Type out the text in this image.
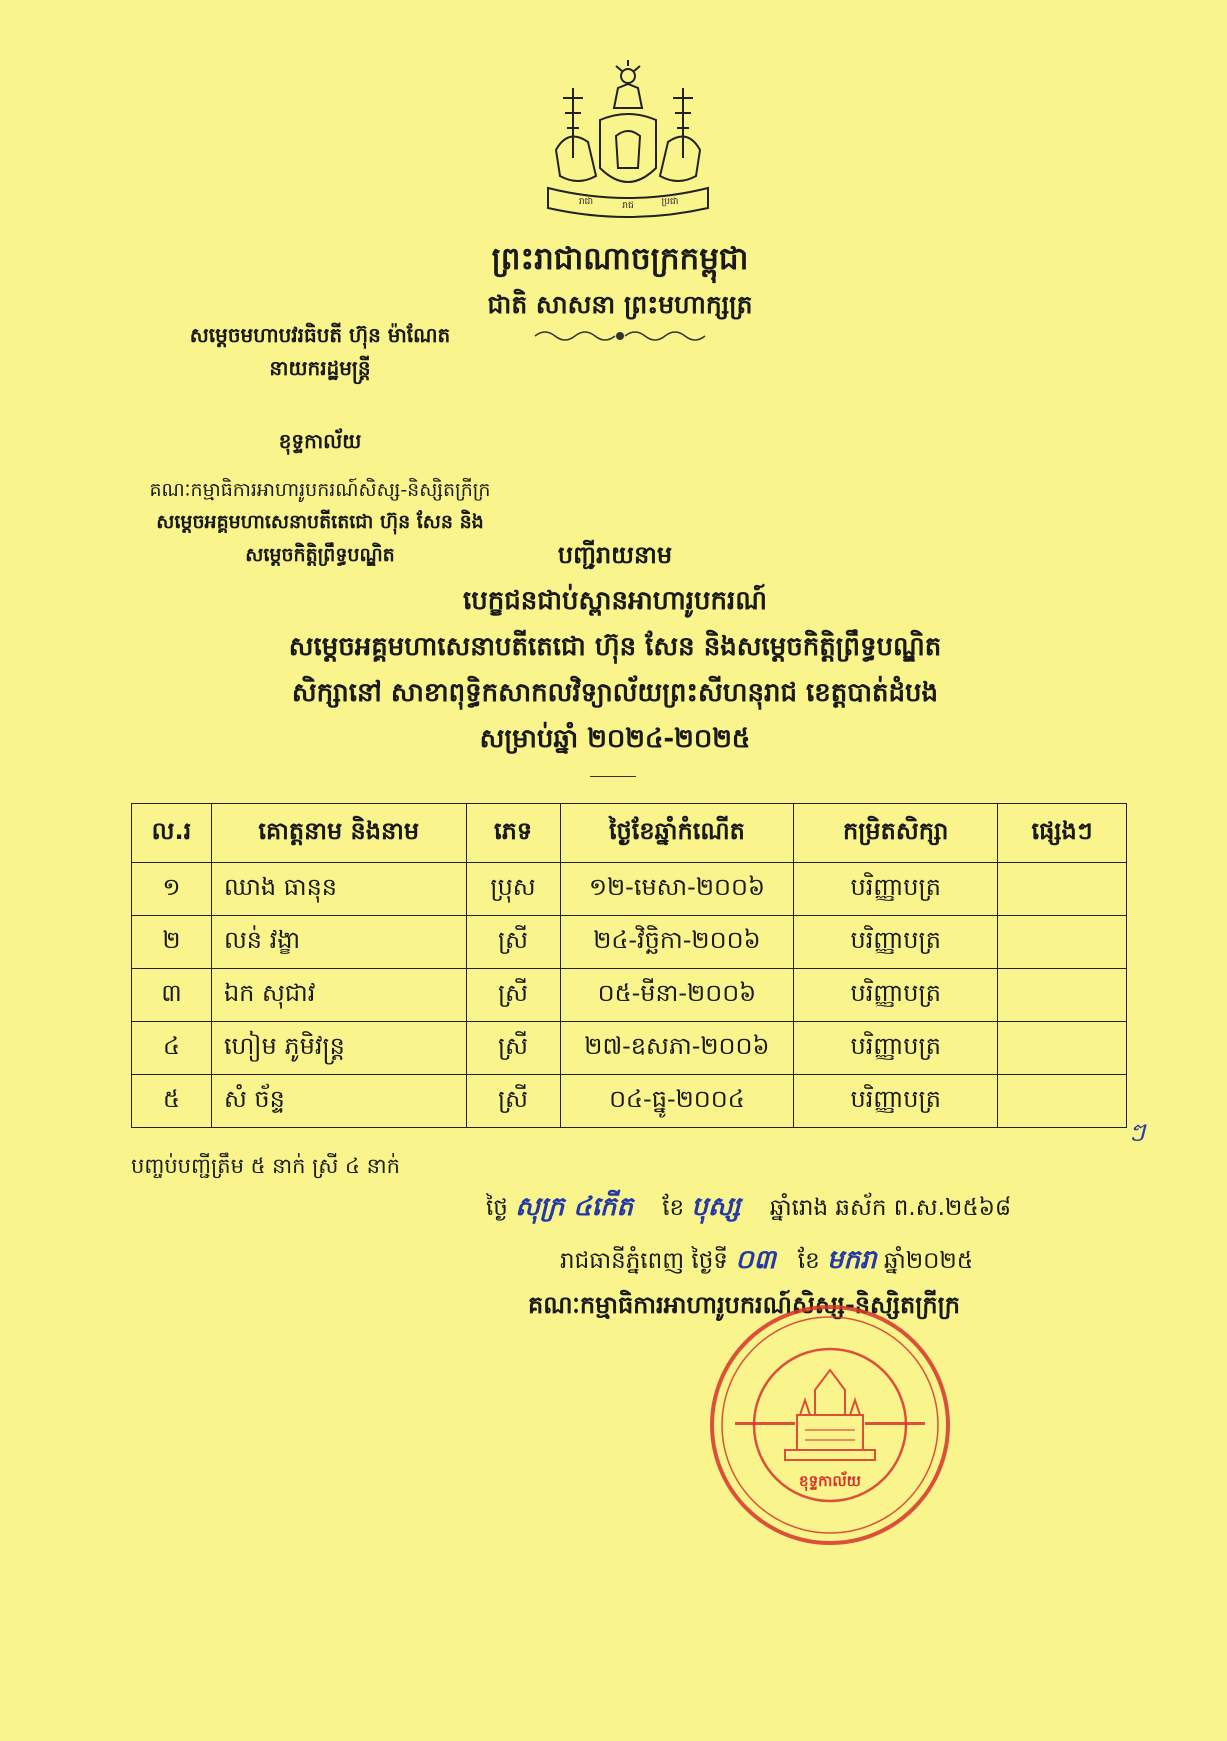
រាជា	រាជ	ប្រជា
ព្រះរាជាណាចក្រកម្ពុជា
ជាតិ សាសនា ព្រះមហាក្សត្រ
សម្ដេចមហាបវរធិបតី ហ៊ុន ម៉ាណែត
នាយករដ្ឋមន្ត្រី
ខុទ្ទកាល័យ
គណៈកម្មាធិការអាហារូបករណ៍សិស្ស-និស្សិតក្រីក្រ
សម្ដេចអគ្គមហាសេនាបតីតេជោ ហ៊ុន សែន និង
សម្ដេចកិត្តិព្រឹទ្ធបណ្ឌិត	បញ្ជីរាយនាម
បេក្ខជនជាប់ស្ពានអាហារូបករណ៍
សម្ដេចអគ្គមហាសេនាបតីតេជោ ហ៊ុន សែន និងសម្ដេចកិត្តិព្រឹទ្ធបណ្ឌិត
សិក្សានៅ សាខាពុទ្ធិកសាកលវិទ្យាល័យព្រះសីហនុរាជ ខេត្តបាត់ដំបង
សម្រាប់ឆ្នាំ ២០២៤-២០២៥
ល.រ	គោត្តនាម និងនាម	ភេទ	ថ្ងៃខែឆ្នាំកំណើត	កម្រិតសិក្សា	ផ្សេងៗ
១	ឈាង ធានុន	ប្រុស	១២-មេសា-២០០៦	បរិញ្ញាបត្រ	
២	លន់ វង្ខា	ស្រី	២៤-វិច្ឆិកា-២០០៦	បរិញ្ញាបត្រ	
៣	ឯក សុជាវ	ស្រី	០៥-មីនា-២០០៦	បរិញ្ញាបត្រ	
៤	ហៀម ភូមិវន្ត្រ	ស្រី	២៧-ឧសភា-២០០៦	បរិញ្ញាបត្រ	
៥	សំ ច័ន្ទ	ស្រី	០៤-ធ្នូ-២០០៤	បរិញ្ញាបត្រ	
ៗ
បញ្ចប់បញ្ជីត្រឹម ៥ នាក់ ស្រី ៤ នាក់
ថ្ងៃ សុក្រ ៤កើត ខែ បុស្ស ឆ្នាំរោង ឆស័ក ព.ស.២៥៦៨
រាជធានីភ្នំពេញ ថ្ងៃទី ០៣ ខែ មករា ឆ្នាំ២០២៥
គណៈកម្មាធិការអាហារូបករណ៍សិស្ស-និស្សិតក្រីក្រ
ខុទ្ទកាល័យ
